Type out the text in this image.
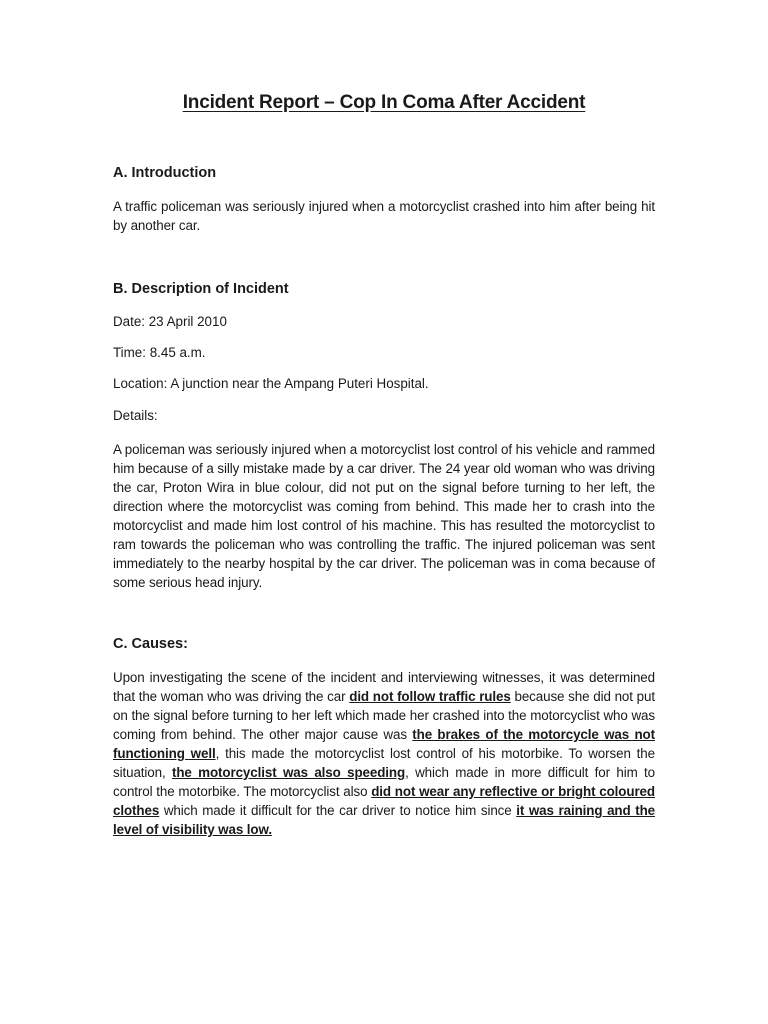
Incident Report – Cop In Coma After Accident
A. Introduction
A traffic policeman was seriously injured when a motorcyclist crashed into him after being hit by another car.
B. Description of Incident
Date: 23 April 2010
Time: 8.45 a.m.
Location: A junction near the Ampang Puteri Hospital.
Details:
A policeman was seriously injured when a motorcyclist lost control of his vehicle and rammed him because of a silly mistake made by a car driver. The 24 year old woman who was driving the car, Proton Wira in blue colour, did not put on the signal before turning to her left, the direction where the motorcyclist was coming from behind. This made her to crash into the motorcyclist and made him lost control of his machine. This has resulted the motorcyclist to ram towards the policeman who was controlling the traffic. The injured policeman was sent immediately to the nearby hospital by the car driver. The policeman was in coma because of some serious head injury.
C. Causes:
Upon investigating the scene of the incident and interviewing witnesses, it was determined that the woman who was driving the car did not follow traffic rules because she did not put on the signal before turning to her left which made her crashed into the motorcyclist who was coming from behind. The other major cause was the brakes of the motorcycle was not functioning well, this made the motorcyclist lost control of his motorbike. To worsen the situation, the motorcyclist was also speeding, which made in more difficult for him to control the motorbike. The motorcyclist also did not wear any reflective or bright coloured clothes which made it difficult for the car driver to notice him since it was raining and the level of visibility was low.
